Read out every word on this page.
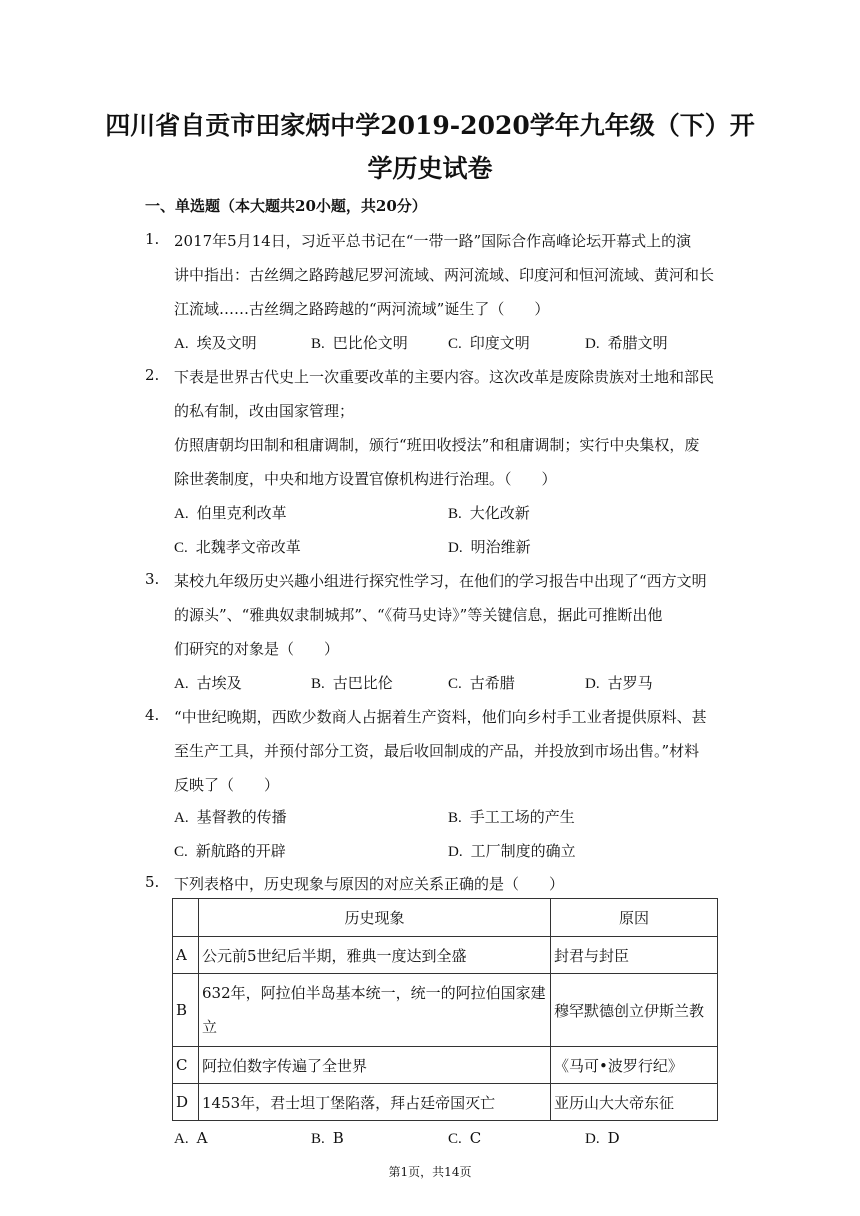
四川省自贡市田家炳中学2019-2020学年九年级（下）开
学历史试卷

一、单选题（本大题共20小题，共20分）

1. 2017年5月14日，习近平总书记在“一带一路”国际合作高峰论坛开幕式上的演
讲中指出：古丝绸之路跨越尼罗河流域、两河流域、印度河和恒河流域、黄河和长
江流域……古丝绸之路跨越的“两河流域”诞生了（　　）
A. 埃及文明	B. 巴比伦文明	C. 印度文明	D. 希腊文明
2. 下表是世界古代史上一次重要改革的主要内容。这次改革是废除贵族对土地和部民
的私有制，改由国家管理；
仿照唐朝均田制和租庸调制，颁行“班田收授法”和租庸调制；实行中央集权，废
除世袭制度，中央和地方设置官僚机构进行治理。（　　）
A. 伯里克利改革	B. 大化改新
C. 北魏孝文帝改革	D. 明治维新
3. 某校九年级历史兴趣小组进行探究性学习，在他们的学习报告中出现了“西方文明
的源头”、“雅典奴隶制城邦”、“《荷马史诗》”等关键信息，据此可推断出他
们研究的对象是（　　）
A. 古埃及	B. 古巴比伦	C. 古希腊	D. 古罗马
4. “中世纪晚期，西欧少数商人占据着生产资料，他们向乡村手工业者提供原料、甚
至生产工具，并预付部分工资，最后收回制成的产品，并投放到市场出售。”材料
反映了（　　）
A. 基督教的传播	B. 手工工场的产生
C. 新航路的开辟	D. 工厂制度的确立
5. 下列表格中，历史现象与原因的对应关系正确的是（　　）
	历史现象	原因
A	公元前5世纪后半期，雅典一度达到全盛	封君与封臣
B	632年，阿拉伯半岛基本统一，统一的阿拉伯国家建立	穆罕默德创立伊斯兰教
C	阿拉伯数字传遍了全世界	《马可•波罗行纪》
D	1453年，君士坦丁堡陷落，拜占廷帝国灭亡	亚历山大大帝东征
A. A	B. B	C. C	D. D
第1页，共14页
